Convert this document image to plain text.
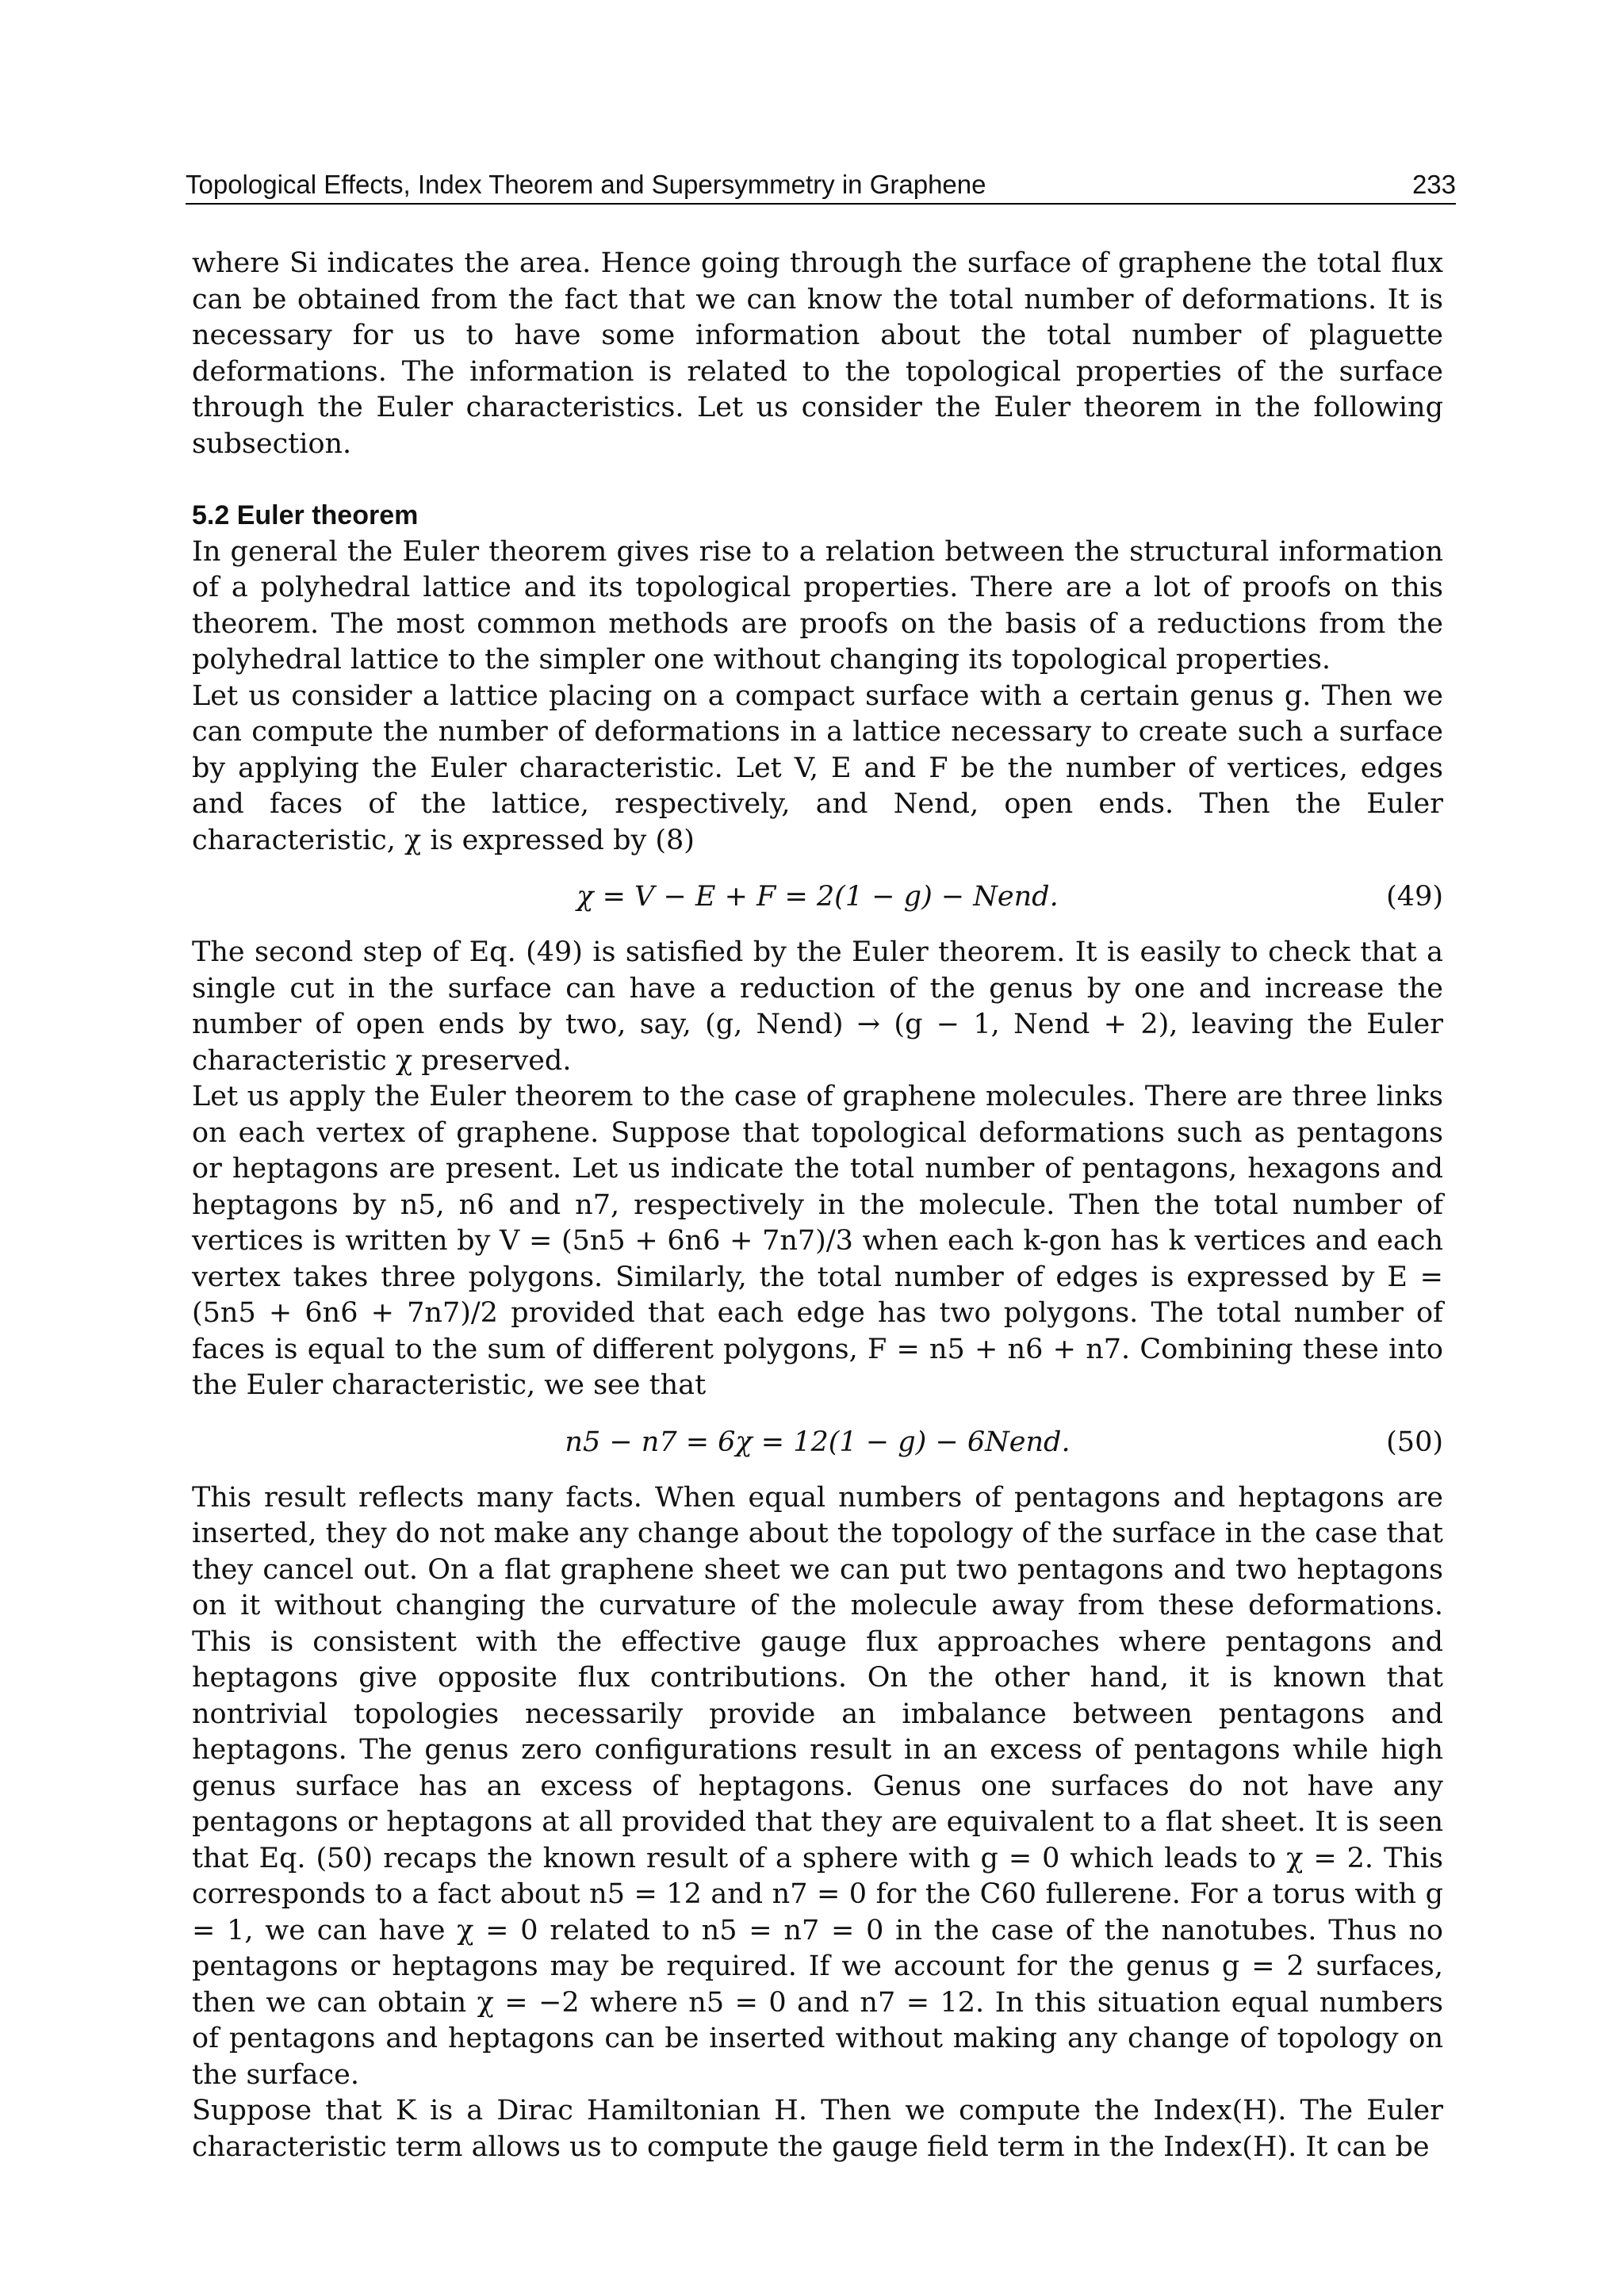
Topological Effects, Index Theorem and Supersymmetry in Graphene	233

where Si indicates the area. Hence going through the surface of graphene the total flux can be obtained from the fact that we can know the total number of deformations. It is necessary for us to have some information about the total number of plaguette deformations. The information is related to the topological properties of the surface through the Euler characteristics. Let us consider the Euler theorem in the following subsection.

5.2 Euler theorem

In general the Euler theorem gives rise to a relation between the structural information of a polyhedral lattice and its topological properties. There are a lot of proofs on this theorem. The most common methods are proofs on the basis of a reductions from the polyhedral lattice to the simpler one without changing its topological properties.

Let us consider a lattice placing on a compact surface with a certain genus g. Then we can compute the number of deformations in a lattice necessary to create such a surface by applying the Euler characteristic. Let V, E and F be the number of vertices, edges and faces of the lattice, respectively, and Nend, open ends. Then the Euler characteristic, χ is expressed by (8)

χ = V − E + F = 2(1 − g) − Nend.	(49)

The second step of Eq. (49) is satisfied by the Euler theorem. It is easily to check that a single cut in the surface can have a reduction of the genus by one and increase the number of open ends by two, say, (g, Nend) → (g − 1, Nend + 2), leaving the Euler characteristic χ preserved.

Let us apply the Euler theorem to the case of graphene molecules. There are three links on each vertex of graphene. Suppose that topological deformations such as pentagons or heptagons are present. Let us indicate the total number of pentagons, hexagons and heptagons by n5, n6 and n7, respectively in the molecule. Then the total number of vertices is written by V = (5n5 + 6n6 + 7n7)/3 when each k-gon has k vertices and each vertex takes three polygons. Similarly, the total number of edges is expressed by E = (5n5 + 6n6 + 7n7)/2 provided that each edge has two polygons. The total number of faces is equal to the sum of different polygons, F = n5 + n6 + n7. Combining these into the Euler characteristic, we see that

n5 − n7 = 6χ = 12(1 − g) − 6Nend.	(50)

This result reflects many facts. When equal numbers of pentagons and heptagons are inserted, they do not make any change about the topology of the surface in the case that they cancel out. On a flat graphene sheet we can put two pentagons and two heptagons on it without changing the curvature of the molecule away from these deformations. This is consistent with the effective gauge flux approaches where pentagons and heptagons give opposite flux contributions. On the other hand, it is known that nontrivial topologies necessarily provide an imbalance between pentagons and heptagons. The genus zero configurations result in an excess of pentagons while high genus surface has an excess of heptagons. Genus one surfaces do not have any pentagons or heptagons at all provided that they are equivalent to a flat sheet. It is seen that Eq. (50) recaps the known result of a sphere with g = 0 which leads to χ = 2. This corresponds to a fact about n5 = 12 and n7 = 0 for the C60 fullerene. For a torus with g = 1, we can have χ = 0 related to n5 = n7 = 0 in the case of the nanotubes. Thus no pentagons or heptagons may be required. If we account for the genus g = 2 surfaces, then we can obtain χ = −2 where n5 = 0 and n7 = 12. In this situation equal numbers of pentagons and heptagons can be inserted without making any change of topology on the surface.

Suppose that K is a Dirac Hamiltonian H. Then we compute the Index(H). The Euler characteristic term allows us to compute the gauge field term in the Index(H). It can be
